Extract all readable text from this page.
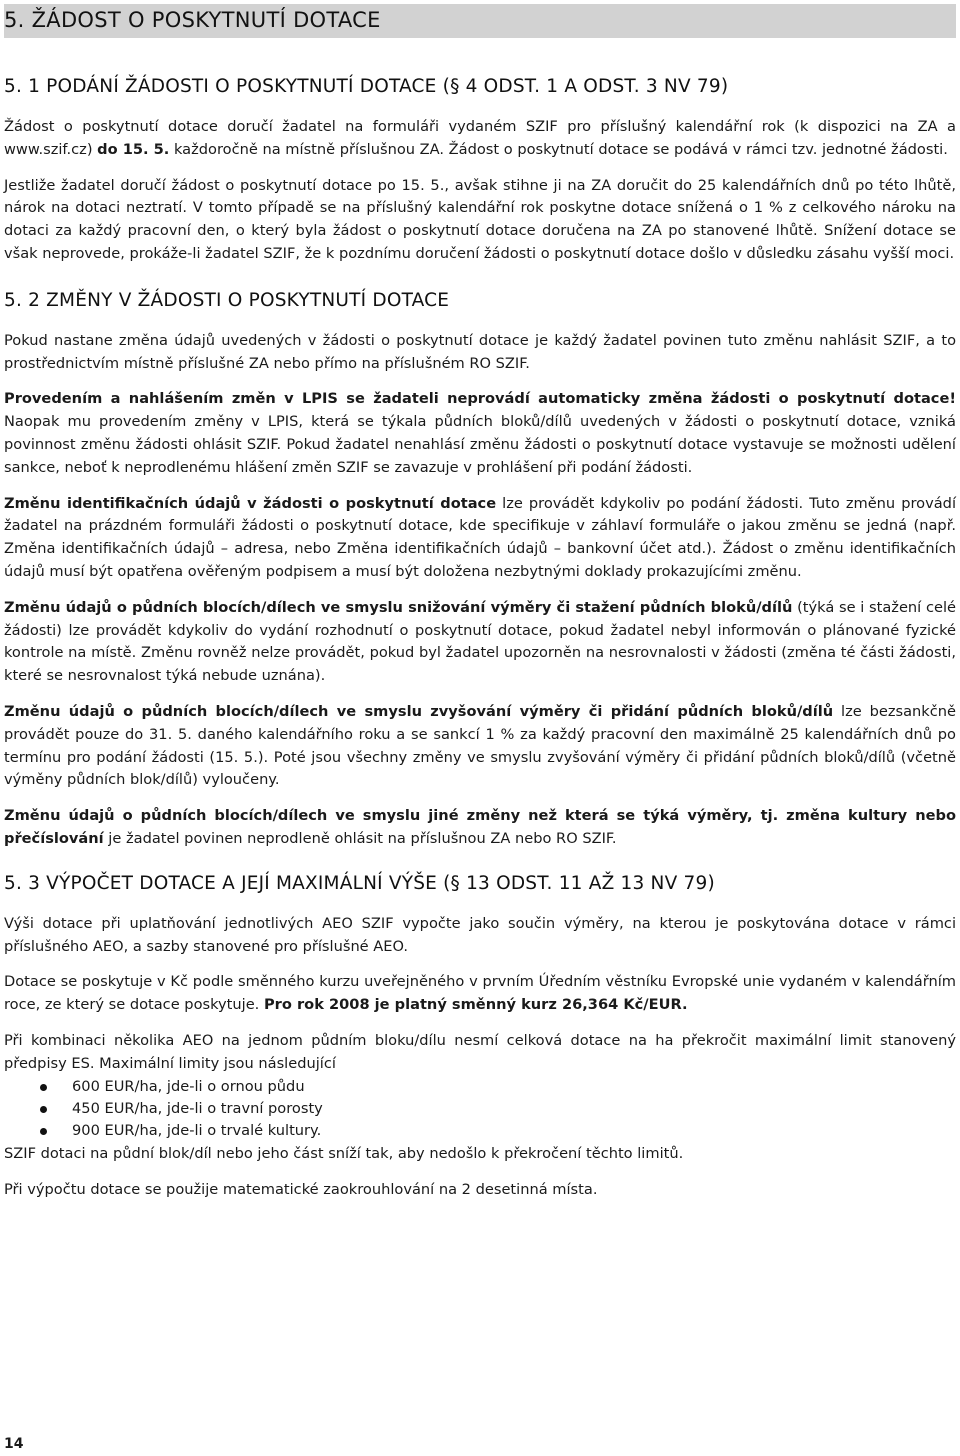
5. ŽÁDOST O POSKYTNUTÍ DOTACE
5. 1 PODÁNÍ ŽÁDOSTI O POSKYTNUTÍ DOTACE (§ 4 ODST. 1 A ODST. 3 NV 79)

Žádost o poskytnutí dotace doručí žadatel na formuláři vydaném SZIF pro příslušný kalendářní rok (k dispozici na ZA a www.szif.cz) do 15. 5. každoročně na místně příslušnou ZA. Žádost o poskytnutí dotace se podává v rámci tzv. jednotné žádosti.

Jestliže žadatel doručí žádost o poskytnutí dotace po 15. 5., avšak stihne ji na ZA doručit do 25 kalendářních dnů po této lhůtě, nárok na dotaci neztratí. V tomto případě se na příslušný kalendářní rok poskytne dotace snížená o 1 % z celkového nároku na dotaci za každý pracovní den, o který byla žádost o poskytnutí dotace doručena na ZA po stanovené lhůtě. Snížení dotace se však neprovede, prokáže-li žadatel SZIF, že k pozdnímu doručení žádosti o poskytnutí dotace došlo v důsledku zásahu vyšší moci.

5. 2 ZMĚNY V ŽÁDOSTI O POSKYTNUTÍ DOTACE

Pokud nastane změna údajů uvedených v žádosti o poskytnutí dotace je každý žadatel povinen tuto změnu nahlásit SZIF, a to prostřednictvím místně příslušné ZA nebo přímo na příslušném RO SZIF.

Provedením a nahlášením změn v LPIS se žadateli neprovádí automaticky změna žádosti o poskytnutí dotace! Naopak mu provedením změny v LPIS, která se týkala půdních bloků/dílů uvedených v žádosti o poskytnutí dotace, vzniká povinnost změnu žádosti ohlásit SZIF. Pokud žadatel nenahlásí změnu žádosti o poskytnutí dotace vystavuje se možnosti udělení sankce, neboť k neprodlenému hlášení změn SZIF se zavazuje v prohlášení při podání žádosti.

Změnu identifikačních údajů v žádosti o poskytnutí dotace lze provádět kdykoliv po podání žádosti. Tuto změnu provádí žadatel na prázdném formuláři žádosti o poskytnutí dotace, kde specifikuje v záhlaví formuláře o jakou změnu se jedná (např. Změna identifikačních údajů – adresa, nebo Změna identifikačních údajů – bankovní účet atd.). Žádost o změnu identifikačních údajů musí být opatřena ověřeným podpisem a musí být doložena nezbytnými doklady prokazujícími změnu.

Změnu údajů o půdních blocích/dílech ve smyslu snižování výměry či stažení půdních bloků/dílů (týká se i stažení celé žádosti) lze provádět kdykoliv do vydání rozhodnutí o poskytnutí dotace, pokud žadatel nebyl informován o plánované fyzické kontrole na místě. Změnu rovněž nelze provádět, pokud byl žadatel upozorněn na nesrovnalosti v žádosti (změna té části žádosti, které se nesrovnalost týká nebude uznána).

Změnu údajů o půdních blocích/dílech ve smyslu zvyšování výměry či přidání půdních bloků/dílů lze bezsankčně provádět pouze do 31. 5. daného kalendářního roku a se sankcí 1 % za každý pracovní den maximálně 25 kalendářních dnů po termínu pro podání žádosti (15. 5.). Poté jsou všechny změny ve smyslu zvyšování výměry či přidání půdních bloků/dílů (včetně výměny půdních blok/dílů) vyloučeny.

Změnu údajů o půdních blocích/dílech ve smyslu jiné změny než která se týká výměry, tj. změna kultury nebo přečíslování je žadatel povinen neprodleně ohlásit na příslušnou ZA nebo RO SZIF.

5. 3 VÝPOČET DOTACE A JEJÍ MAXIMÁLNÍ VÝŠE (§ 13 ODST. 11 AŽ 13 NV 79)

Výši dotace při uplatňování jednotlivých AEO SZIF vypočte jako součin výměry, na kterou je poskytována dotace v rámci příslušného AEO, a sazby stanovené pro příslušné AEO.

Dotace se poskytuje v Kč podle směnného kurzu uveřejněného v prvním Úředním věstníku Evropské unie vydaném v kalendářním roce, ze který se dotace poskytuje. Pro rok 2008 je platný směnný kurz 26,364 Kč/EUR.

Při kombinaci několika AEO na jednom půdním bloku/dílu nesmí celková dotace na ha překročit maximální limit stanovený předpisy ES. Maximální limity jsou následující

600 EUR/ha, jde-li o ornou půdu
450 EUR/ha, jde-li o travní porosty
900 EUR/ha, jde-li o trvalé kultury.

SZIF dotaci na půdní blok/díl nebo jeho část sníží tak, aby nedošlo k překročení těchto limitů.

Při výpočtu dotace se použije matematické zaokrouhlování na 2 desetinná místa.

14
